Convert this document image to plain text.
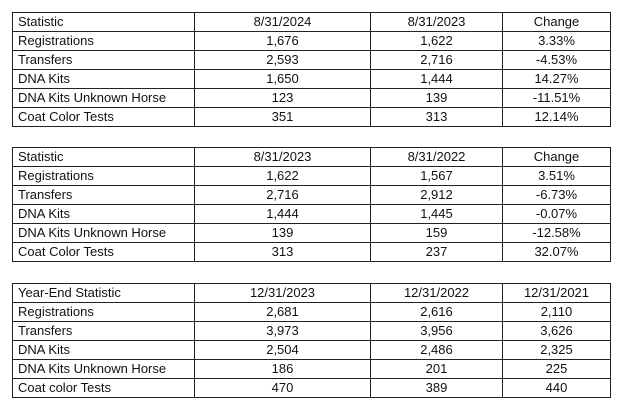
Statistic	8/31/2024	8/31/2023	Change
Registrations	1,676	1,622	3.33%
Transfers	2,593	2,716	-4.53%
DNA Kits	1,650	1,444	14.27%
DNA Kits Unknown Horse	123	139	-11.51%
Coat Color Tests	351	313	12.14%
Statistic	8/31/2023	8/31/2022	Change
Registrations	1,622	1,567	3.51%
Transfers	2,716	2,912	-6.73%
DNA Kits	1,444	1,445	-0.07%
DNA Kits Unknown Horse	139	159	-12.58%
Coat Color Tests	313	237	32.07%
Year-End Statistic	12/31/2023	12/31/2022	12/31/2021
Registrations	2,681	2,616	2,110
Transfers	3,973	3,956	3,626
DNA Kits	2,504	2,486	2,325
DNA Kits Unknown Horse	186	201	225
Coat color Tests	470	389	440
